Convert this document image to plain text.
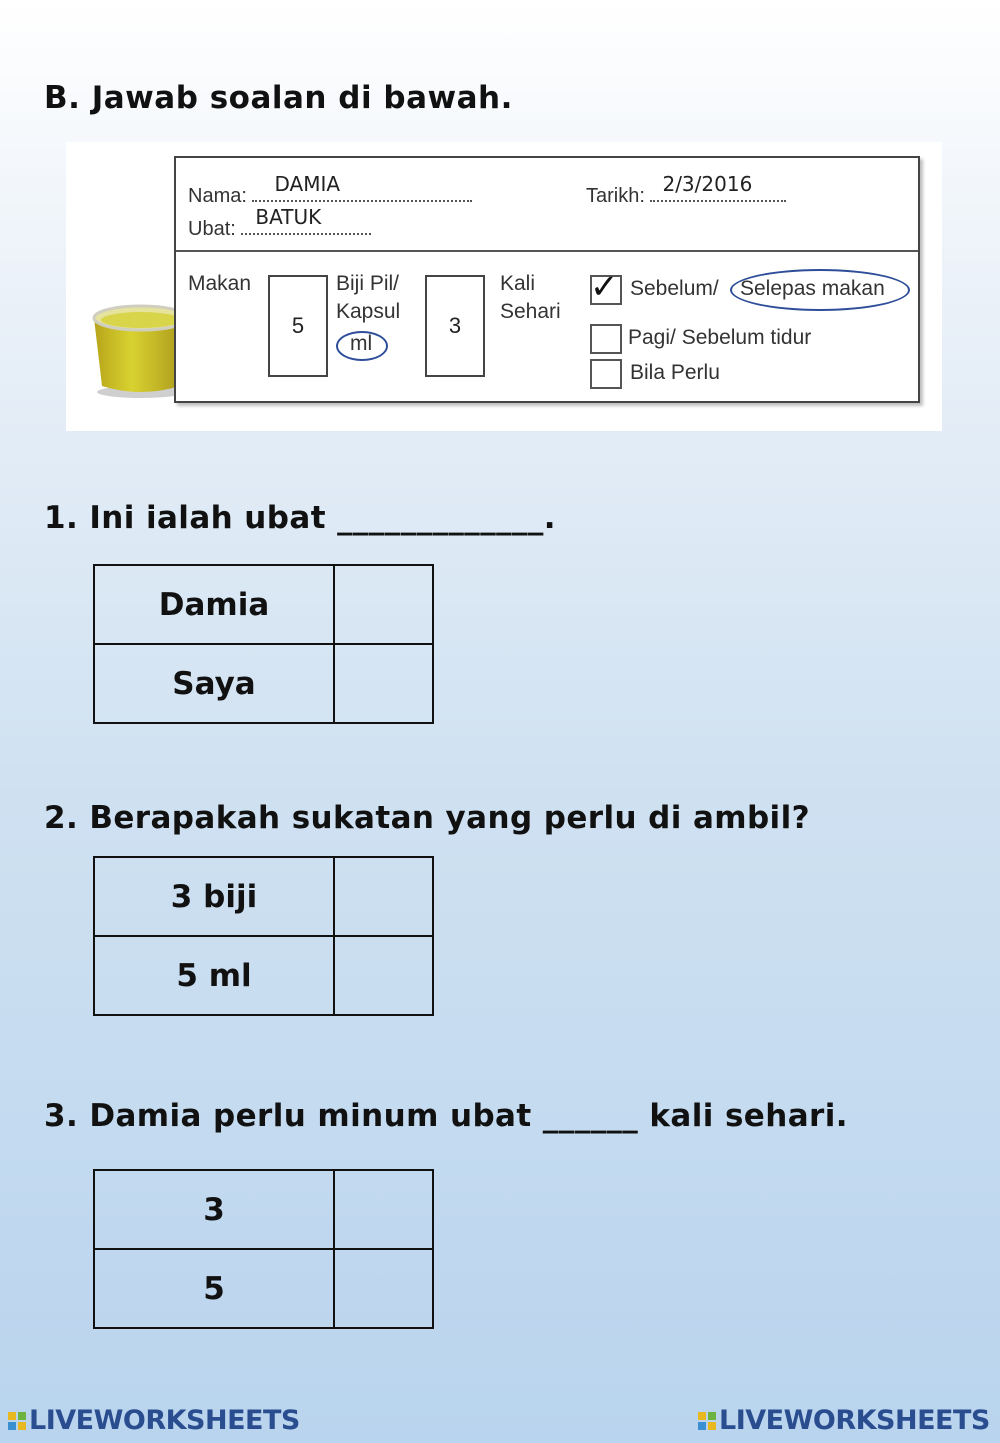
B. Jawab soalan di bawah.
Nama: DAMIA	Tarikh: 2/3/2016
Ubat: BATUK
Makan
5
Biji Pil/
Kapsul
ml
3
Kali
Sehari
✓ Sebelum/ Selepas makan
Pagi/ Sebelum tidur
Bila Perlu
1. Ini ialah ubat _____________.
Damia	
Saya	
2. Berapakah sukatan yang perlu di ambil?
3 biji	
5 ml	
3. Damia perlu minum ubat ______ kali sehari.
3	
5	
LIVEWORKSHEETS	LIVEWORKSHEETS
